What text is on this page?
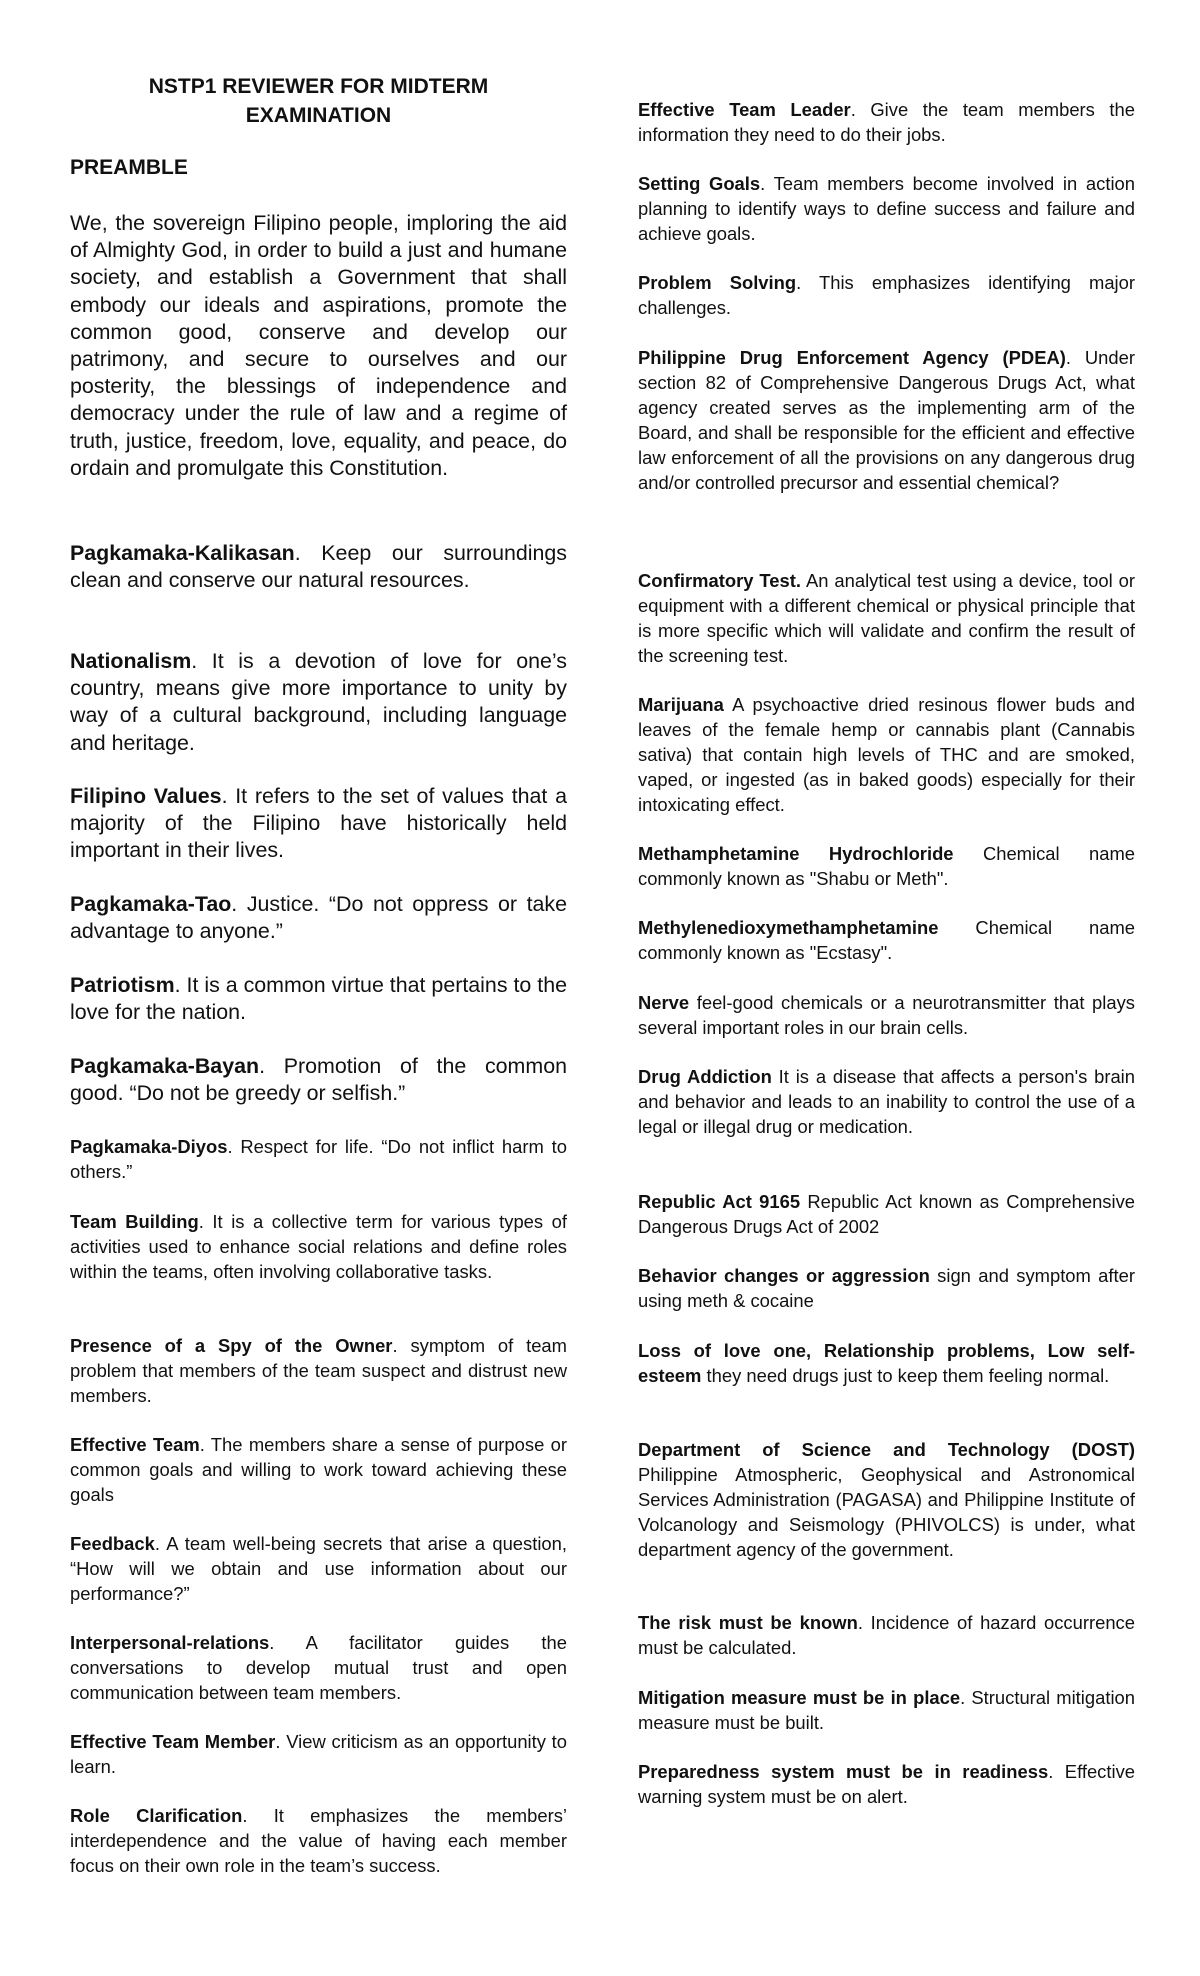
NSTP1 REVIEWER FOR MIDTERM
EXAMINATION
PREAMBLE

We, the sovereign Filipino people, imploring the aid of Almighty God, in order to build a just and humane society, and establish a Government that shall embody our ideals and aspirations, promote the common good, conserve and develop our patrimony, and secure to ourselves and our posterity, the blessings of independence and democracy under the rule of law and a regime of truth, justice, freedom, love, equality, and peace, do ordain and promulgate this Constitution.

Pagkamaka-Kalikasan. Keep our surroundings clean and conserve our natural resources.

Nationalism. It is a devotion of love for one’s country, means give more importance to unity by way of a cultural background, including language and heritage.

Filipino Values. It refers to the set of values that a majority of the Filipino have historically held important in their lives.

Pagkamaka-Tao. Justice. “Do not oppress or take advantage to anyone.”

Patriotism. It is a common virtue that pertains to the love for the nation.

Pagkamaka-Bayan. Promotion of the common good. “Do not be greedy or selfish.”

Pagkamaka-Diyos. Respect for life. “Do not inflict harm to others.”

Team Building. It is a collective term for various types of activities used to enhance social relations and define roles within the teams, often involving collaborative tasks.

Presence of a Spy of the Owner. symptom of team problem that members of the team suspect and distrust new members.

Effective Team. The members share a sense of purpose or common goals and willing to work toward achieving these goals

Feedback. A team well-being secrets that arise a question, “How will we obtain and use information about our performance?”

Interpersonal-relations. A facilitator guides the conversations to develop mutual trust and open communication between team members.

Effective Team Member. View criticism as an opportunity to learn.

Role Clarification. It emphasizes the members’ interdependence and the value of having each member focus on their own role in the team’s success.

Effective Team Leader. Give the team members the information they need to do their jobs.

Setting Goals. Team members become involved in action planning to identify ways to define success and failure and achieve goals.

Problem Solving. This emphasizes identifying major challenges.

Philippine Drug Enforcement Agency (PDEA). Under section 82 of Comprehensive Dangerous Drugs Act, what agency created serves as the implementing arm of the Board, and shall be responsible for the efficient and effective law enforcement of all the provisions on any dangerous drug and/or controlled precursor and essential chemical?

Confirmatory Test. An analytical test using a device, tool or equipment with a different chemical or physical principle that is more specific which will validate and confirm the result of the screening test.

Marijuana A psychoactive dried resinous flower buds and leaves of the female hemp or cannabis plant (Cannabis sativa) that contain high levels of THC and are smoked, vaped, or ingested (as in baked goods) especially for their intoxicating effect.

Methamphetamine Hydrochloride Chemical name commonly known as "Shabu or Meth".

Methylenedioxymethamphetamine Chemical name commonly known as "Ecstasy".

Nerve feel-good chemicals or a neurotransmitter that plays several important roles in our brain cells.

Drug Addiction It is a disease that affects a person's brain and behavior and leads to an inability to control the use of a legal or illegal drug or medication.

Republic Act 9165 Republic Act known as Comprehensive Dangerous Drugs Act of 2002

Behavior changes or aggression sign and symptom after using meth & cocaine

Loss of love one, Relationship problems, Low self-esteem they need drugs just to keep them feeling normal.

Department of Science and Technology (DOST) Philippine Atmospheric, Geophysical and Astronomical Services Administration (PAGASA) and Philippine Institute of Volcanology and Seismology (PHIVOLCS) is under, what department agency of the government.

The risk must be known. Incidence of hazard occurrence must be calculated.

Mitigation measure must be in place. Structural mitigation measure must be built.

Preparedness system must be in readiness. Effective warning system must be on alert.
